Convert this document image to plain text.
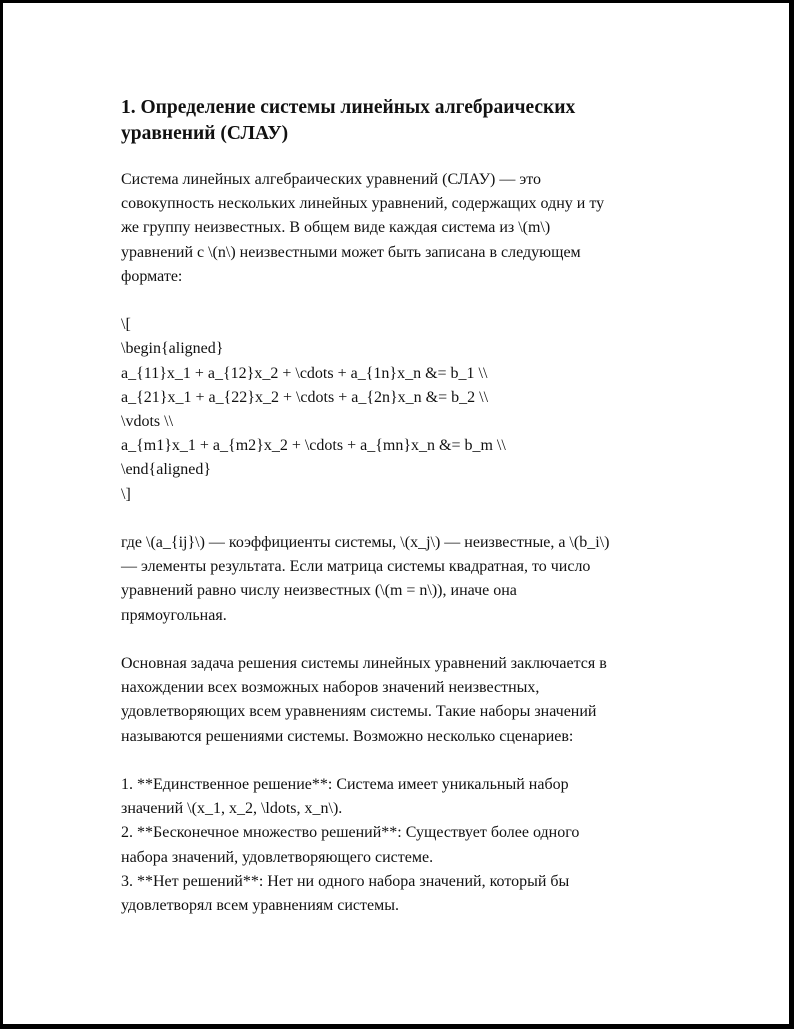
1. Определение системы линейных алгебраических
уравнений (СЛАУ)

Система линейных алгебраических уравнений (СЛАУ) — это

совокупность нескольких линейных уравнений, содержащих одну и ту

же группу неизвестных. В общем виде каждая система из \(m\)

уравнений с \(n\) неизвестными может быть записана в следующем

формате:

\[

\begin{aligned}

a_{11}x_1 + a_{12}x_2 + \cdots + a_{1n}x_n &= b_1 \\

a_{21}x_1 + a_{22}x_2 + \cdots + a_{2n}x_n &= b_2 \\

\vdots \\

a_{m1}x_1 + a_{m2}x_2 + \cdots + a_{mn}x_n &= b_m \\

\end{aligned}

\]

где \(a_{ij}\) — коэффициенты системы, \(x_j\) — неизвестные, а \(b_i\)

— элементы результата. Если матрица системы квадратная, то число

уравнений равно числу неизвестных (\(m = n\)), иначе она

прямоугольная.

Основная задача решения системы линейных уравнений заключается в

нахождении всех возможных наборов значений неизвестных,

удовлетворяющих всем уравнениям системы. Такие наборы значений

называются решениями системы. Возможно несколько сценариев:

1. **Единственное решение**: Система имеет уникальный набор

значений \(x_1, x_2, \ldots, x_n\).

2. **Бесконечное множество решений**: Существует более одного

набора значений, удовлетворяющего системе.

3. **Нет решений**: Нет ни одного набора значений, который бы

удовлетворял всем уравнениям системы.
